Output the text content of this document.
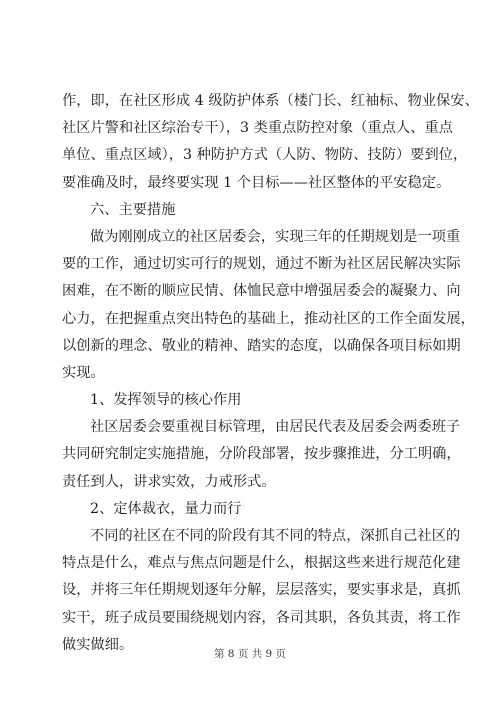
作，即，在社区形成 4 级防护体系（楼门长、红袖标、物业保安、
社区片警和社区综治专干），3 类重点防控对象（重点人、重点
单位、重点区域），3 种防护方式（人防、物防、技防）要到位，
要准确及时，最终要实现 1 个目标——社区整体的平安稳定。
六、主要措施
做为刚刚成立的社区居委会，实现三年的任期规划是一项重
要的工作，通过切实可行的规划，通过不断为社区居民解决实际
困难，在不断的顺应民情、体恤民意中增强居委会的凝聚力、向
心力，在把握重点突出特色的基础上，推动社区的工作全面发展，
以创新的理念、敬业的精神、踏实的态度，以确保各项目标如期
实现。
1、发挥领导的核心作用
社区居委会要重视目标管理，由居民代表及居委会两委班子
共同研究制定实施措施，分阶段部署，按步骤推进，分工明确，
责任到人，讲求实效，力戒形式。
2、定体裁衣，量力而行
不同的社区在不同的阶段有其不同的特点，深抓自己社区的
特点是什么，难点与焦点问题是什么，根据这些来进行规范化建
设，并将三年任期规划逐年分解，层层落实，要实事求是，真抓
实干，班子成员要围绕规划内容，各司其职，各负其责，将工作
做实做细。
第 8 页 共 9 页
